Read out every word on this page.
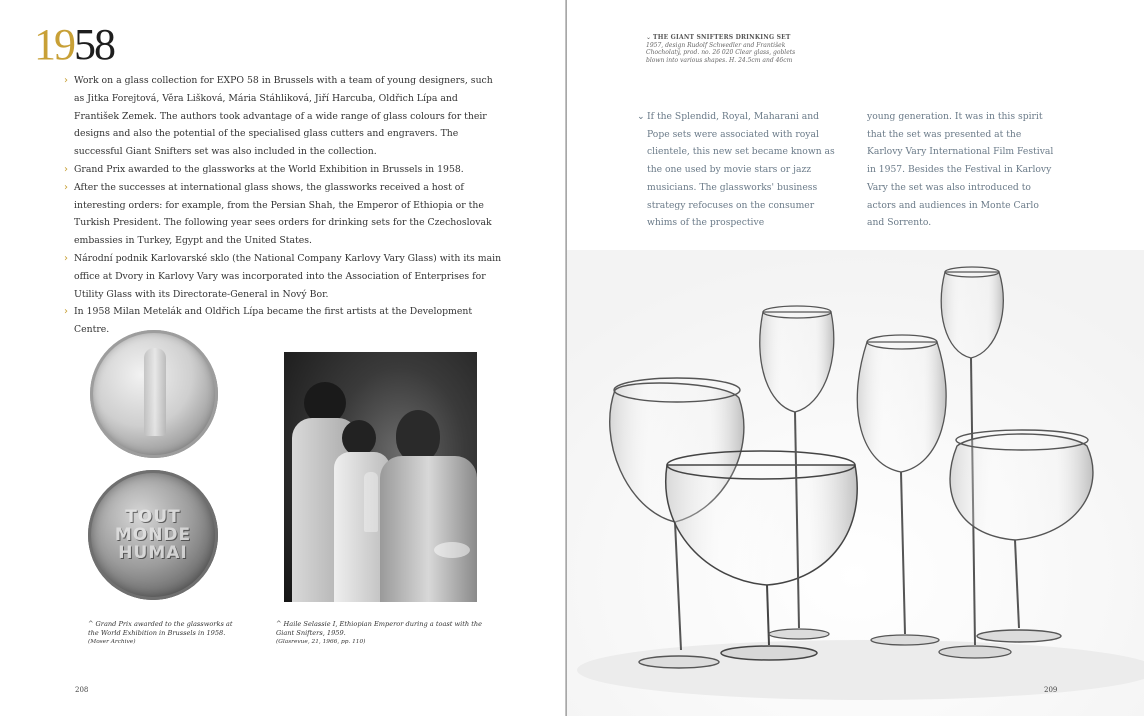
1958
› Work on a glass collection for EXPO 58 in Brussels with a team of young designers, such as Jitka Forejtová, Věra Lišková, Mária Stáhliková, Jiří Harcuba, Oldřich Lípa and František Zemek. The authors took advantage of a wide range of glass colours for their designs and also the potential of the specialised glass cutters and engravers. The successful Giant Snifters set was also included in the collection.
› Grand Prix awarded to the glassworks at the World Exhibition in Brussels in 1958.
› After the successes at international glass shows, the glassworks received a host of interesting orders: for example, from the Persian Shah, the Emperor of Ethiopia or the Turkish President. The following year sees orders for drinking sets for the Czechoslovak embassies in Turkey, Egypt and the United States.
› Národní podnik Karlovarské sklo (the National Company Karlovy Vary Glass) with its main office at Dvory in Karlovy Vary was incorporated into the Association of Enterprises for Utility Glass with its Directorate-General in Nový Bor.
› In 1958 Milan Metelák and Oldřich Lípa became the first artists at the Development Centre.
TOUT
MONDE
HUMAI
^ Grand Prix awarded to the glassworks at the World Exhibition in Brussels in 1958.
(Moser Archive)
^ Haile Selassie I, Ethiopian Emperor during a toast with the Giant Snifters, 1959.
(Glasrevue, 21, 1966, pp. 110)
208
⌄ THE GIANT SNIFTERS DRINKING SET
1957, design Rudolf Schwedler and František Chocholatý, prod. no. 26 020 Clear glass, goblets blown into various shapes. H. 24.5cm and 46cm
⌄ If the Splendid, Royal, Maharani and Pope sets were associated with royal clientele, this new set became known as the one used by movie stars or jazz musicians. The glassworks' business strategy refocuses on the consumer whims of the prospective
young generation. It was in this spirit that the set was presented at the Karlovy Vary International Film Festival in 1957. Besides the Festival in Karlovy Vary the set was also introduced to actors and audiences in Monte Carlo and Sorrento.
209
